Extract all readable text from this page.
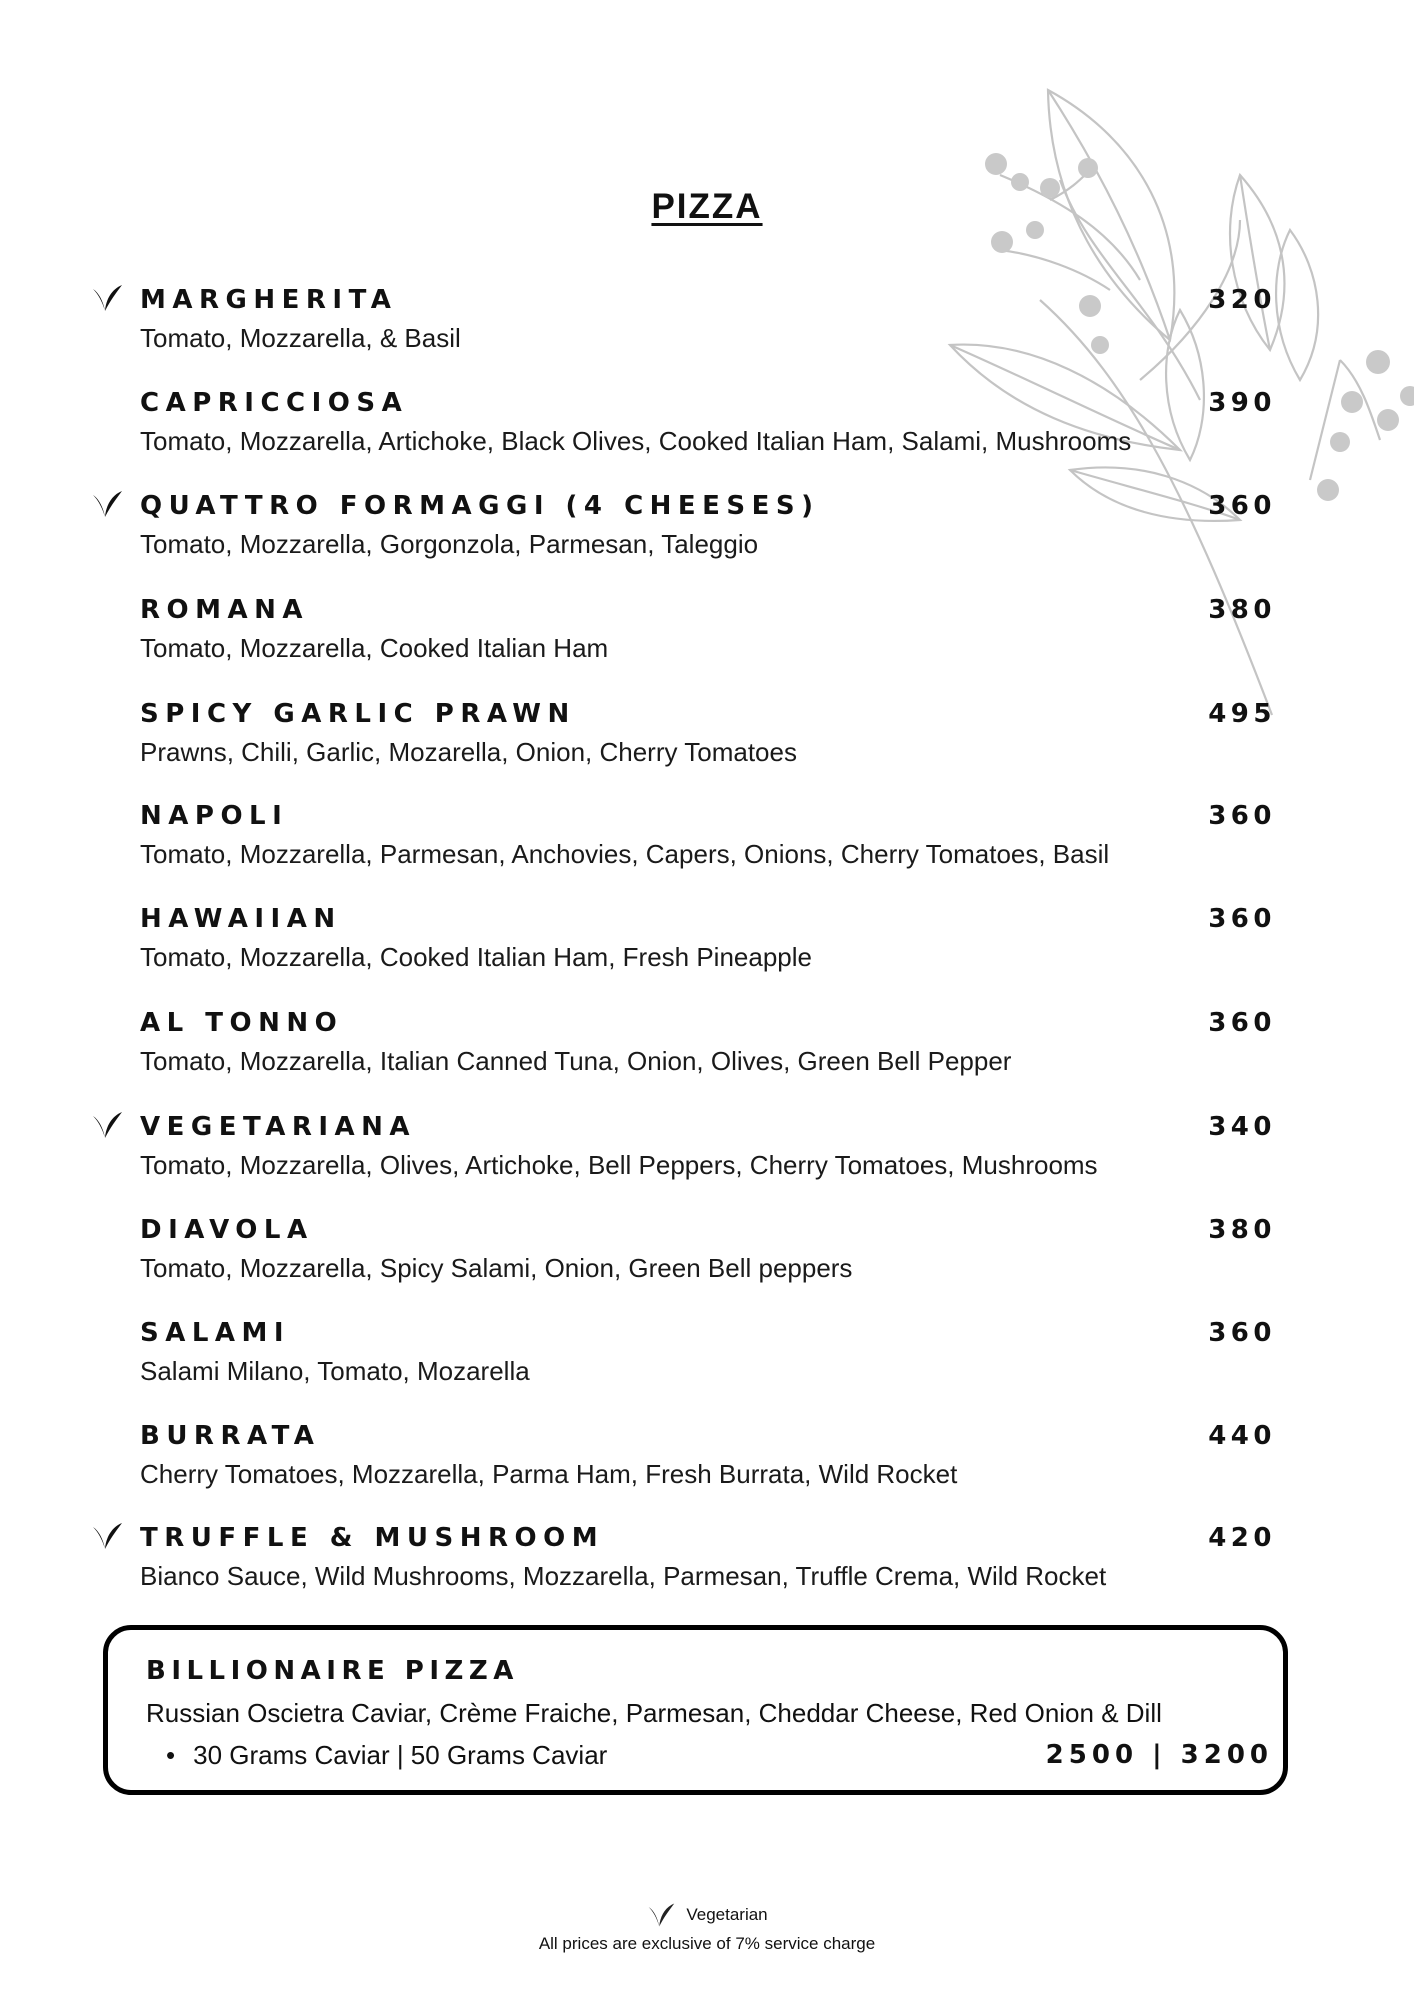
PIZZA
MARGHERITA	320
Tomato, Mozzarella, & Basil
CAPRICCIOSA	390
Tomato, Mozzarella, Artichoke, Black Olives, Cooked Italian Ham, Salami, Mushrooms
QUATTRO FORMAGGI (4 CHEESES)	360
Tomato, Mozzarella, Gorgonzola, Parmesan, Taleggio
ROMANA	380
Tomato, Mozzarella, Cooked Italian Ham
SPICY GARLIC PRAWN	495
Prawns, Chili, Garlic, Mozarella, Onion, Cherry Tomatoes
NAPOLI	360
Tomato, Mozzarella, Parmesan, Anchovies, Capers, Onions, Cherry Tomatoes, Basil
HAWAIIAN	360
Tomato, Mozzarella, Cooked Italian Ham, Fresh Pineapple
AL TONNO	360
Tomato, Mozzarella, Italian Canned Tuna, Onion, Olives, Green Bell Pepper
VEGETARIANA	340
Tomato, Mozzarella, Olives, Artichoke, Bell Peppers, Cherry Tomatoes, Mushrooms
DIAVOLA	380
Tomato, Mozzarella, Spicy Salami, Onion, Green Bell peppers
SALAMI	360
Salami Milano, Tomato, Mozarella
BURRATA	440
Cherry Tomatoes, Mozzarella, Parma Ham, Fresh Burrata, Wild Rocket
TRUFFLE & MUSHROOM	420
Bianco Sauce, Wild Mushrooms, Mozzarella, Parmesan, Truffle Crema, Wild Rocket
BILLIONAIRE PIZZA
Russian Oscietra Caviar, Crème Fraiche, Parmesan, Cheddar Cheese, Red Onion & Dill
• 30 Grams Caviar | 50 Grams Caviar	2500 | 3200
Vegetarian
All prices are exclusive of 7% service charge
